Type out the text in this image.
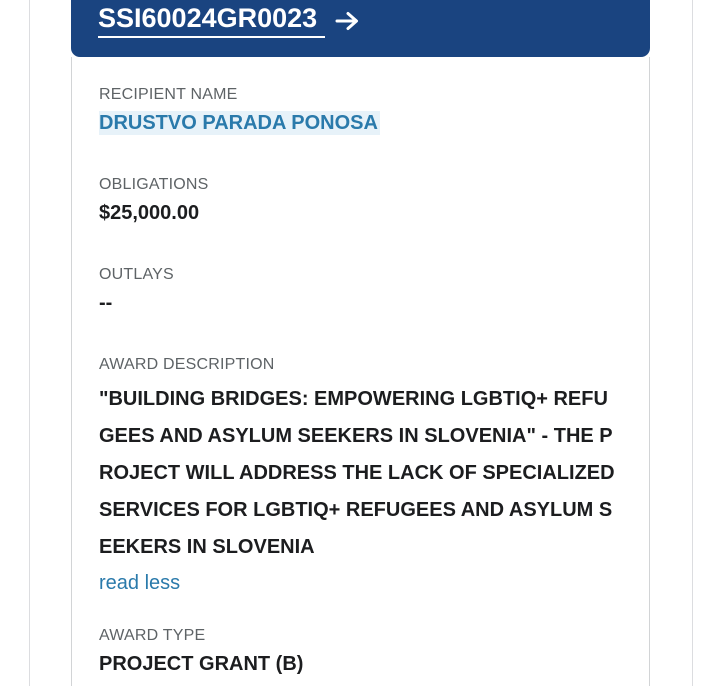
SSI60024GR0023
RECIPIENT NAME
DRUSTVO PARADA PONOSA
OBLIGATIONS
$25,000.00
OUTLAYS
--
AWARD DESCRIPTION
"BUILDING BRIDGES: EMPOWERING LGBTIQ+ REFUGEES AND ASYLUM SEEKERS IN SLOVENIA" - THE PROJECT WILL ADDRESS THE LACK OF SPECIALIZED SERVICES FOR LGBTIQ+ REFUGEES AND ASYLUM SEEKERS IN SLOVENIA
read less
AWARD TYPE
PROJECT GRANT (B)
